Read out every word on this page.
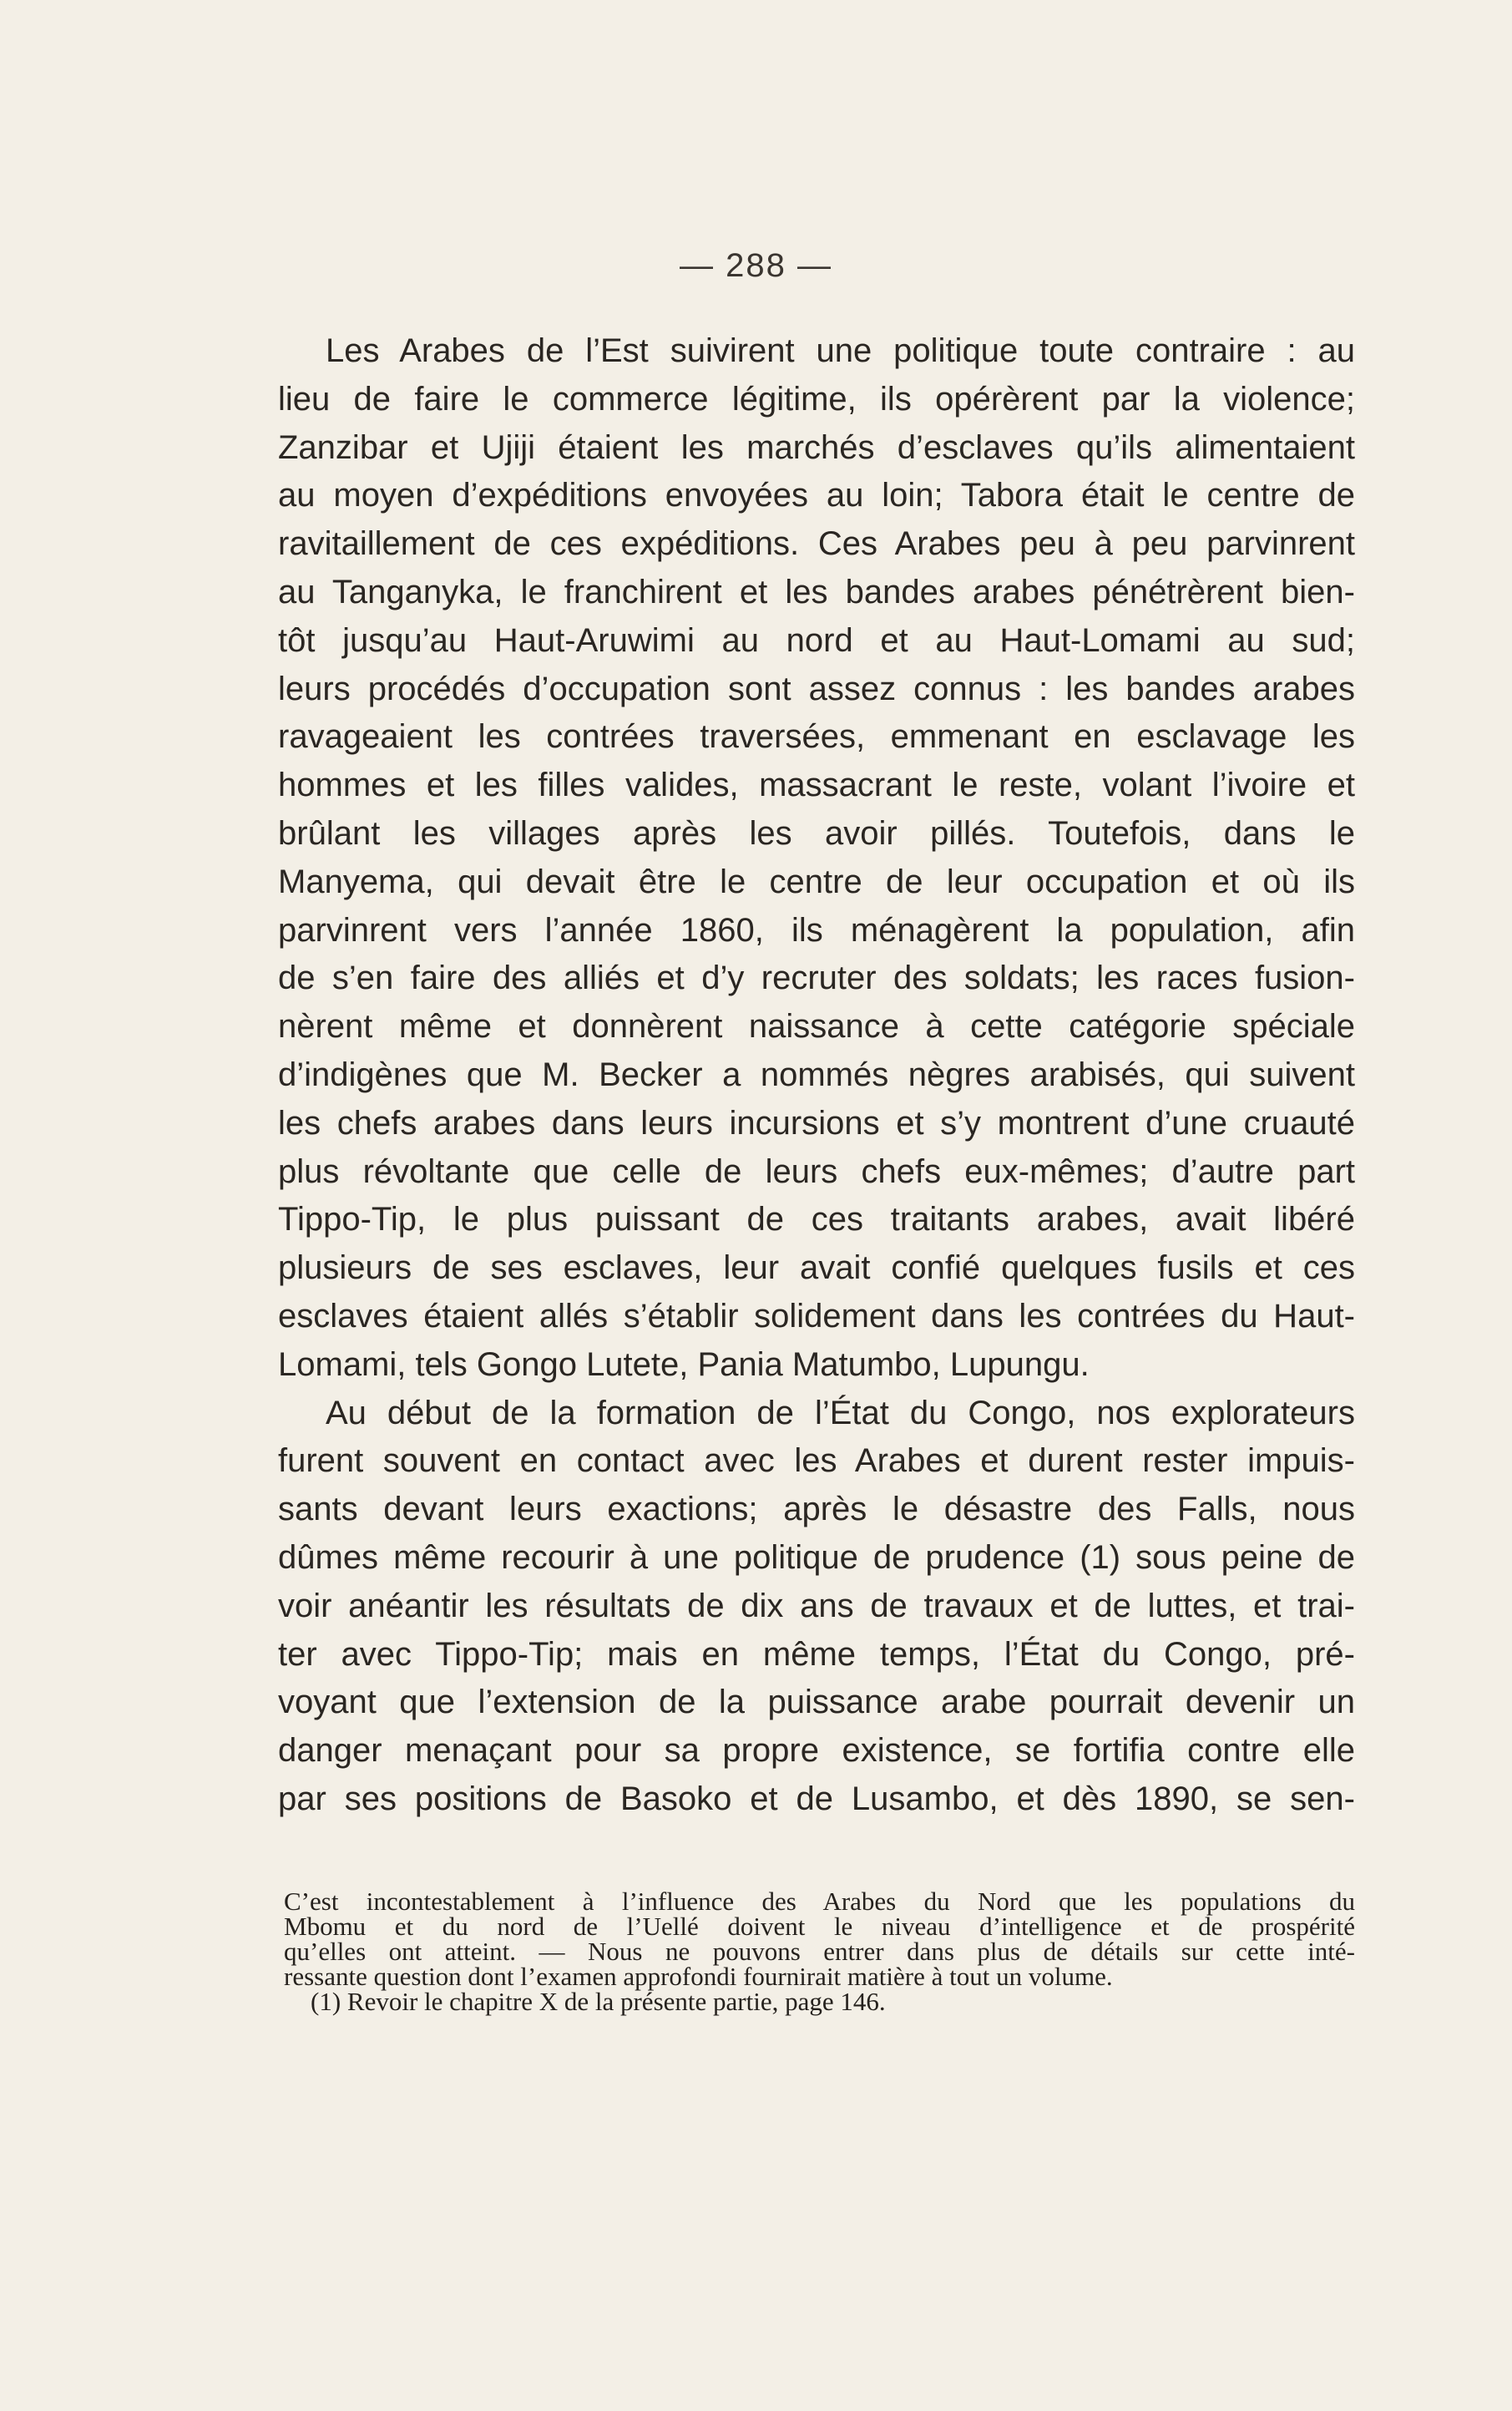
— 288 —
Les Arabes de l’Est suivirent une politique toute contraire : au
lieu de faire le commerce légitime, ils opérèrent par la violence;
Zanzibar et Ujiji étaient les marchés d’esclaves qu’ils alimentaient
au moyen d’expéditions envoyées au loin; Tabora était le centre de
ravitaillement de ces expéditions. Ces Arabes peu à peu parvinrent
au Tanganyka, le franchirent et les bandes arabes pénétrèrent bien-
tôt jusqu’au Haut-Aruwimi au nord et au Haut-Lomami au sud;
leurs procédés d’occupation sont assez connus : les bandes arabes
ravageaient les contrées traversées, emmenant en esclavage les
hommes et les filles valides, massacrant le reste, volant l’ivoire et
brûlant les villages après les avoir pillés. Toutefois, dans le
Manyema, qui devait être le centre de leur occupation et où ils
parvinrent vers l’année 1860, ils ménagèrent la population, afin
de s’en faire des alliés et d’y recruter des soldats; les races fusion-
nèrent même et donnèrent naissance à cette catégorie spéciale
d’indigènes que M. Becker a nommés nègres arabisés, qui suivent
les chefs arabes dans leurs incursions et s’y montrent d’une cruauté
plus révoltante que celle de leurs chefs eux-mêmes; d’autre part
Tippo-Tip, le plus puissant de ces traitants arabes, avait libéré
plusieurs de ses esclaves, leur avait confié quelques fusils et ces
esclaves étaient allés s’établir solidement dans les contrées du Haut-
Lomami, tels Gongo Lutete, Pania Matumbo, Lupungu.
Au début de la formation de l’État du Congo, nos explorateurs
furent souvent en contact avec les Arabes et durent rester impuis-
sants devant leurs exactions; après le désastre des Falls, nous
dûmes même recourir à une politique de prudence (1) sous peine de
voir anéantir les résultats de dix ans de travaux et de luttes, et trai-
ter avec Tippo-Tip; mais en même temps, l’État du Congo, pré-
voyant que l’extension de la puissance arabe pourrait devenir un
danger menaçant pour sa propre existence, se fortifia contre elle
par ses positions de Basoko et de Lusambo, et dès 1890, se sen-
C’est incontestablement à l’influence des Arabes du Nord que les populations du
Mbomu et du nord de l’Uellé doivent le niveau d’intelligence et de prospérité
qu’elles ont atteint. — Nous ne pouvons entrer dans plus de détails sur cette inté-
ressante question dont l’examen approfondi fournirait matière à tout un volume.
(1) Revoir le chapitre X de la présente partie, page 146.
